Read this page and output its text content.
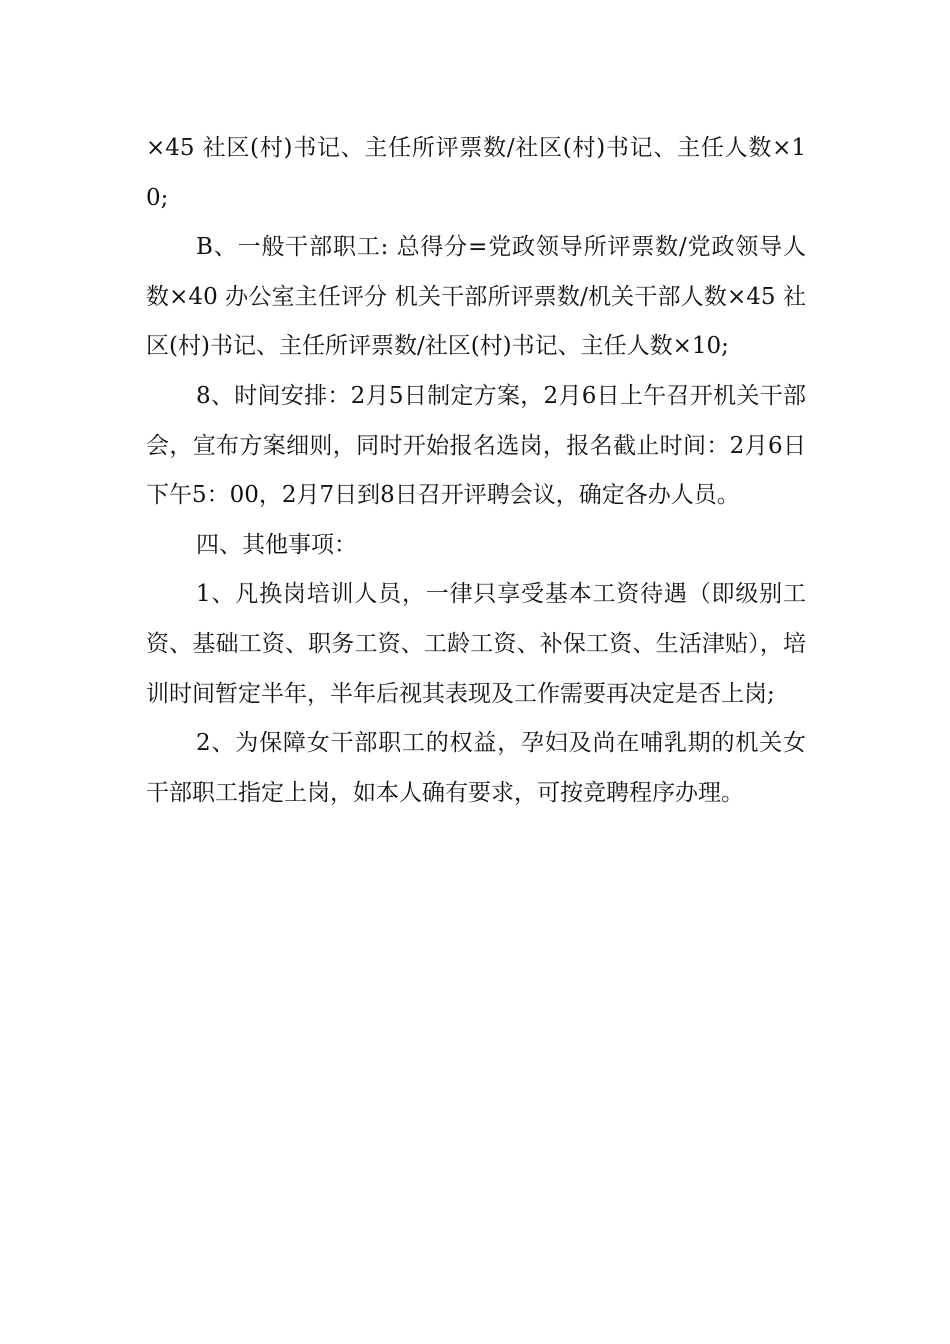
×45 社区(村)书记、主任所评票数/社区(村)书记、主任人数×10;

B、一般干部职工: 总得分=党政领导所评票数/党政领导人数×40 办公室主任评分 机关干部所评票数/机关干部人数×45 社区(村)书记、主任所评票数/社区(村)书记、主任人数×10;

8、时间安排：2月5日制定方案，2月6日上午召开机关干部会，宣布方案细则，同时开始报名选岗，报名截止时间：2月6日下午5：00，2月7日到8日召开评聘会议，确定各办人员。

四、其他事项：

1、凡换岗培训人员，一律只享受基本工资待遇（即级别工资、基础工资、职务工资、工龄工资、补保工资、生活津贴），培训时间暂定半年，半年后视其表现及工作需要再决定是否上岗;

2、为保障女干部职工的权益，孕妇及尚在哺乳期的机关女干部职工指定上岗，如本人确有要求，可按竞聘程序办理。
